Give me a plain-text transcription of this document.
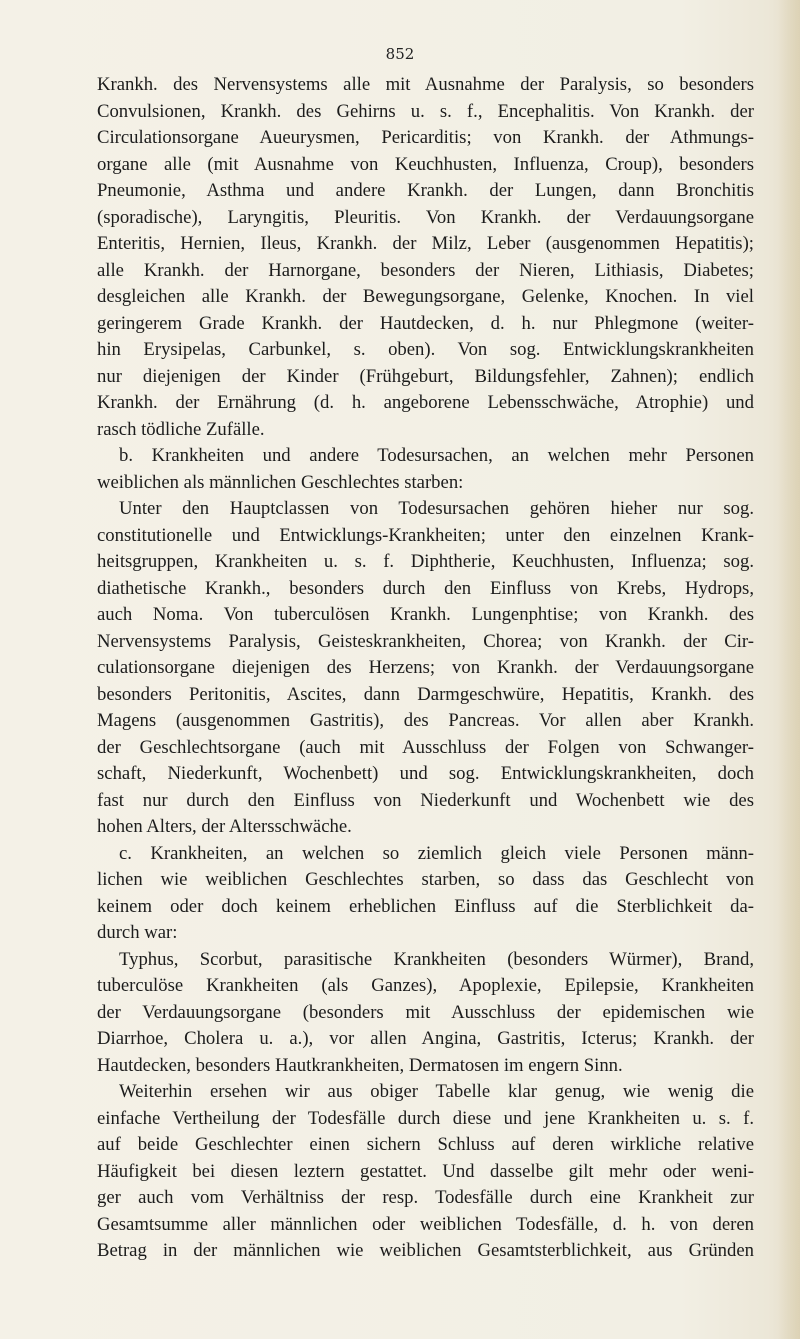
852
Krankh. des Nervensystems alle mit Ausnahme der Paralysis, so besonders
Convulsionen, Krankh. des Gehirns u. s. f., Encephalitis. Von Krankh. der
Circulationsorgane Aueurysmen, Pericarditis; von Krankh. der Athmungs-
organe alle (mit Ausnahme von Keuchhusten, Influenza, Croup), besonders
Pneumonie, Asthma und andere Krankh. der Lungen, dann Bronchitis
(sporadische), Laryngitis, Pleuritis. Von Krankh. der Verdauungsorgane
Enteritis, Hernien, Ileus, Krankh. der Milz, Leber (ausgenommen Hepatitis);
alle Krankh. der Harnorgane, besonders der Nieren, Lithiasis, Diabetes;
desgleichen alle Krankh. der Bewegungsorgane, Gelenke, Knochen. In viel
geringerem Grade Krankh. der Hautdecken, d. h. nur Phlegmone (weiter-
hin Erysipelas, Carbunkel, s. oben). Von sog. Entwicklungskrankheiten
nur diejenigen der Kinder (Frühgeburt, Bildungsfehler, Zahnen); endlich
Krankh. der Ernährung (d. h. angeborene Lebensschwäche, Atrophie) und
rasch tödliche Zufälle.
b. Krankheiten und andere Todesursachen, an welchen mehr Personen
weiblichen als männlichen Geschlechtes starben:
Unter den Hauptclassen von Todesursachen gehören hieher nur sog.
constitutionelle und Entwicklungs-Krankheiten; unter den einzelnen Krank-
heitsgruppen, Krankheiten u. s. f. Diphtherie, Keuchhusten, Influenza; sog.
diathetische Krankh., besonders durch den Einfluss von Krebs, Hydrops,
auch Noma. Von tuberculösen Krankh. Lungenphtise; von Krankh. des
Nervensystems Paralysis, Geisteskrankheiten, Chorea; von Krankh. der Cir-
culationsorgane diejenigen des Herzens; von Krankh. der Verdauungsorgane
besonders Peritonitis, Ascites, dann Darmgeschwüre, Hepatitis, Krankh. des
Magens (ausgenommen Gastritis), des Pancreas. Vor allen aber Krankh.
der Geschlechtsorgane (auch mit Ausschluss der Folgen von Schwanger-
schaft, Niederkunft, Wochenbett) und sog. Entwicklungskrankheiten, doch
fast nur durch den Einfluss von Niederkunft und Wochenbett wie des
hohen Alters, der Altersschwäche.
c. Krankheiten, an welchen so ziemlich gleich viele Personen männ-
lichen wie weiblichen Geschlechtes starben, so dass das Geschlecht von
keinem oder doch keinem erheblichen Einfluss auf die Sterblichkeit da-
durch war:
Typhus, Scorbut, parasitische Krankheiten (besonders Würmer), Brand,
tuberculöse Krankheiten (als Ganzes), Apoplexie, Epilepsie, Krankheiten
der Verdauungsorgane (besonders mit Ausschluss der epidemischen wie
Diarrhoe, Cholera u. a.), vor allen Angina, Gastritis, Icterus; Krankh. der
Hautdecken, besonders Hautkrankheiten, Dermatosen im engern Sinn.
Weiterhin ersehen wir aus obiger Tabelle klar genug, wie wenig die
einfache Vertheilung der Todesfälle durch diese und jene Krankheiten u. s. f.
auf beide Geschlechter einen sichern Schluss auf deren wirkliche relative
Häufigkeit bei diesen leztern gestattet. Und dasselbe gilt mehr oder weni-
ger auch vom Verhältniss der resp. Todesfälle durch eine Krankheit zur
Gesamtsumme aller männlichen oder weiblichen Todesfälle, d. h. von deren
Betrag in der männlichen wie weiblichen Gesamtsterblichkeit, aus Gründen
